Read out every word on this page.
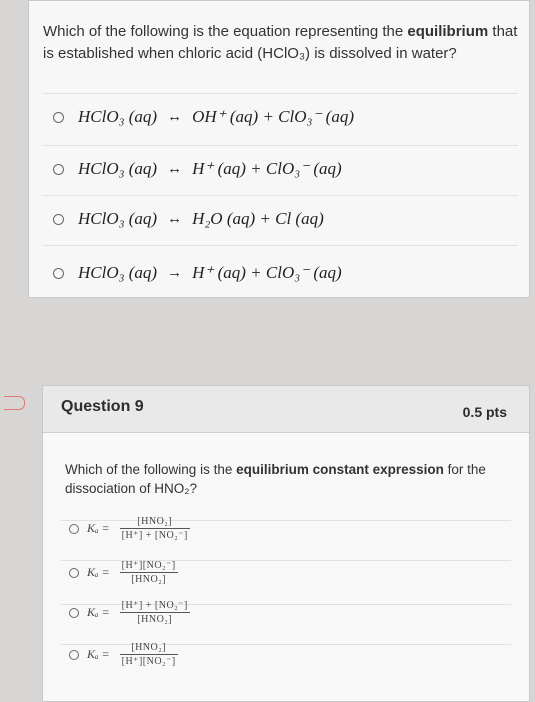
Which of the following is the equation representing the equilibrium that is established when chloric acid (HClO₃) is dissolved in water?
HClO₃ (aq) ↔ OH⁺ (aq) + ClO₃⁻ (aq)
HClO₃ (aq) ↔ H⁺ (aq) + ClO₃⁻ (aq)
HClO₃ (aq) ↔ H₂O (aq) + Cl (aq)
HClO₃ (aq) → H⁺ (aq) + ClO₃⁻ (aq)
Question 9	0.5 pts
Which of the following is the equilibrium constant expression for the dissociation of HNO₂?
$K_a = \frac{\text{[HNO₂]}}{\text{[H⁺] + [NO₂⁻]}}$
$K_a = \frac{\text{[H⁺][NO₂⁻]}}{\text{[HNO₂]}}$
$K_a = \frac{\text{[H⁺] + [NO₂⁻]}}{\text{[HNO₂]}}$
$K_a = \frac{\text{[HNO₂]}}{\text{[H⁺][NO₂⁻]}}$
